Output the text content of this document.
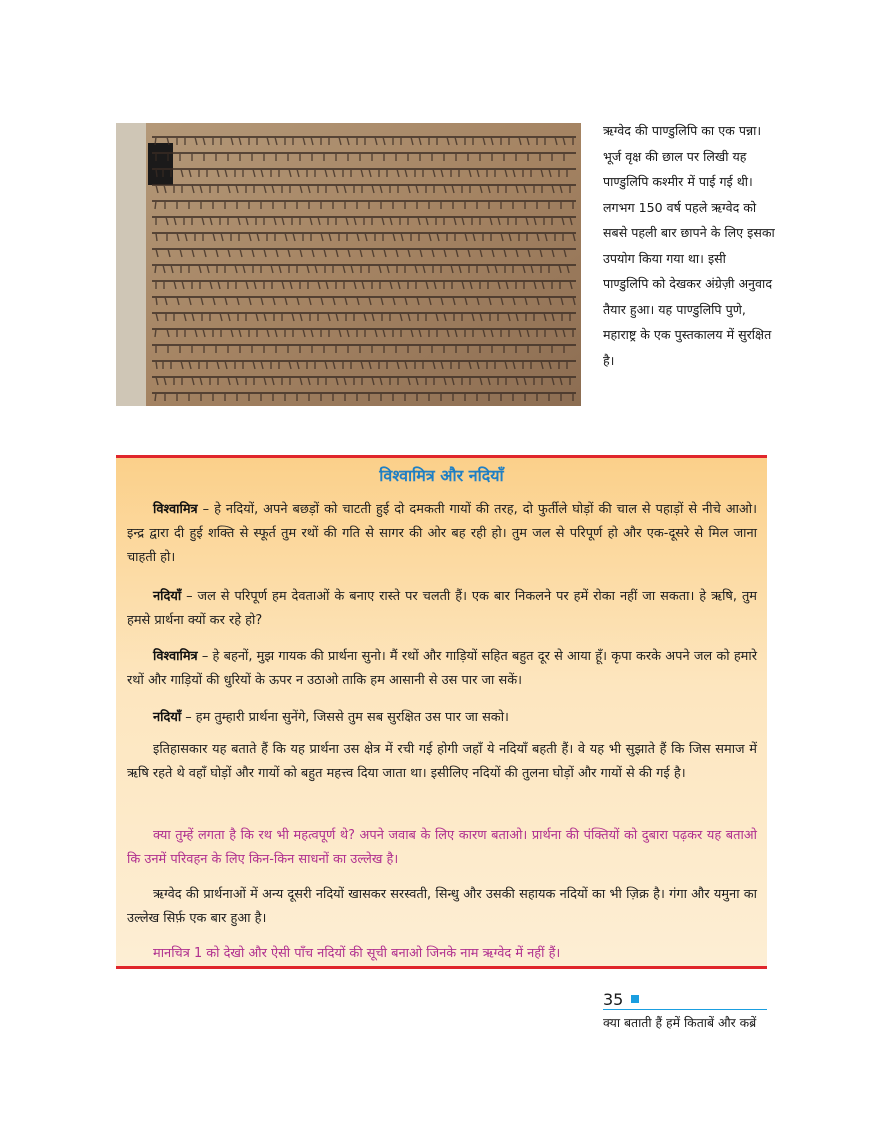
ऋग्वेद की पाण्डुलिपि का एक पन्ना।

भूर्ज वृक्ष की छाल पर लिखी यह पाण्डुलिपि कश्मीर में पाई गई थी। लगभग 150 वर्ष पहले ऋग्वेद को सबसे पहली बार छापने के लिए इसका उपयोग किया गया था। इसी पाण्डुलिपि को देखकर अंग्रेज़ी अनुवाद तैयार हुआ। यह पाण्डुलिपि पुणे, महाराष्ट्र के एक पुस्तकालय में सुरक्षित है।

विश्वामित्र और नदियाँ

विश्वामित्र – हे नदियों, अपने बछड़ों को चाटती हुई दो दमकती गायों की तरह, दो फुर्तीले घोड़ों की चाल से पहाड़ों से नीचे आओ। इन्द्र द्वारा दी हुई शक्ति से स्फूर्त तुम रथों की गति से सागर की ओर बह रही हो। तुम जल से परिपूर्ण हो और एक-दूसरे से मिल जाना चाहती हो।

नदियाँ – जल से परिपूर्ण हम देवताओं के बनाए रास्ते पर चलती हैं। एक बार निकलने पर हमें रोका नहीं जा सकता। हे ऋषि, तुम हमसे प्रार्थना क्यों कर रहे हो?

विश्वामित्र – हे बहनों, मुझ गायक की प्रार्थना सुनो। मैं रथों और गाड़ियों सहित बहुत दूर से आया हूँ। कृपा करके अपने जल को हमारे रथों और गाड़ियों की धुरियों के ऊपर न उठाओ ताकि हम आसानी से उस पार जा सकें।

नदियाँ – हम तुम्हारी प्रार्थना सुनेंगे, जिससे तुम सब सुरक्षित उस पार जा सको।

इतिहासकार यह बताते हैं कि यह प्रार्थना उस क्षेत्र में रची गई होगी जहाँ ये नदियाँ बहती हैं। वे यह भी सुझाते हैं कि जिस समाज में ऋषि रहते थे वहाँ घोड़ों और गायों को बहुत महत्त्व दिया जाता था। इसीलिए नदियों की तुलना घोड़ों और गायों से की गई है।

क्या तुम्हें लगता है कि रथ भी महत्वपूर्ण थे? अपने जवाब के लिए कारण बताओ। प्रार्थना की पंक्तियों को दुबारा पढ़कर यह बताओ कि उनमें परिवहन के लिए किन-किन साधनों का उल्लेख है।

ऋग्वेद की प्रार्थनाओं में अन्य दूसरी नदियों खासकर सरस्वती, सिन्धु और उसकी सहायक नदियों का भी ज़िक्र है। गंगा और यमुना का उल्लेख सिर्फ़ एक बार हुआ है।

मानचित्र 1 को देखो और ऐसी पाँच नदियों की सूची बनाओ जिनके नाम ऋग्वेद में नहीं हैं।

35
क्या बताती हैं हमें किताबें और कब्रें
